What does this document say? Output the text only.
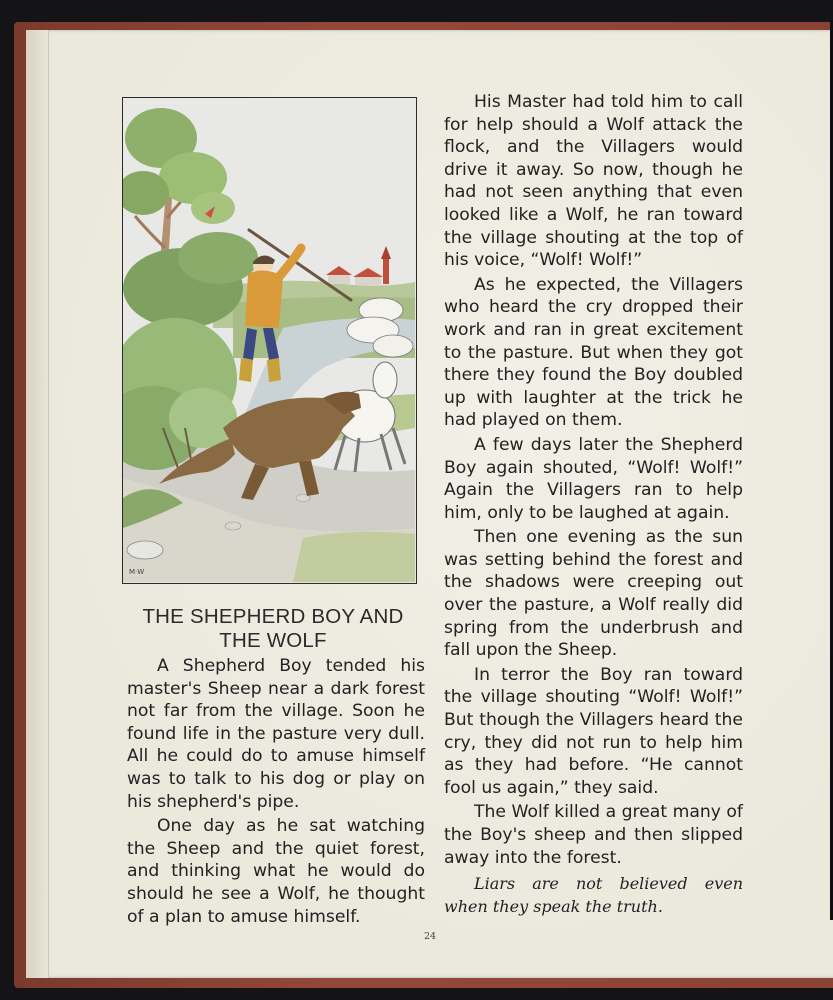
M·W
THE SHEPHERD BOY AND
THE WOLF

A Shepherd Boy tended his master's Sheep near a dark forest not far from the village. Soon he found life in the pasture very dull. All he could do to amuse himself was to talk to his dog or play on his shepherd's pipe.

One day as he sat watching the Sheep and the quiet forest, and thinking what he would do should he see a Wolf, he thought of a plan to amuse himself.

His Master had told him to call for help should a Wolf attack the flock, and the Villagers would drive it away. So now, though he had not seen anything that even looked like a Wolf, he ran toward the village shouting at the top of his voice, “Wolf! Wolf!”

As he expected, the Villagers who heard the cry dropped their work and ran in great excitement to the pasture. But when they got there they found the Boy doubled up with laughter at the trick he had played on them.

A few days later the Shepherd Boy again shouted, “Wolf! Wolf!” Again the Villagers ran to help him, only to be laughed at again.

Then one evening as the sun was setting behind the forest and the shadows were creeping out over the pasture, a Wolf really did spring from the underbrush and fall upon the Sheep.

In terror the Boy ran toward the village shouting “Wolf! Wolf!” But though the Villagers heard the cry, they did not run to help him as they had before. “He cannot fool us again,” they said.

The Wolf killed a great many of the Boy's sheep and then slipped away into the forest.

Liars are not believed even when they speak the truth.

24
